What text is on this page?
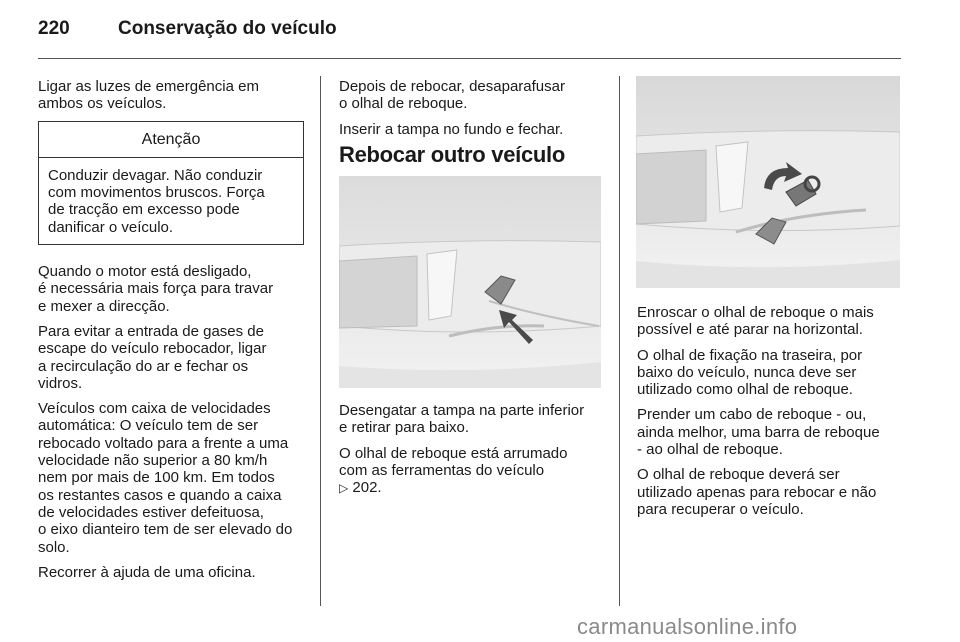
220	Conservação do veículo

Ligar as luzes de emergência em
ambos os veículos.

Atenção
Conduzir devagar. Não conduzir
com movimentos bruscos. Força
de tracção em excesso pode
danificar o veículo.

Quando o motor está desligado,
é necessária mais força para travar
e mexer a direcção.

Para evitar a entrada de gases de
escape do veículo rebocador, ligar
a recirculação do ar e fechar os
vidros.

Veículos com caixa de velocidades
automática: O veículo tem de ser
rebocado voltado para a frente a uma
velocidade não superior a 80 km/h
nem por mais de 100 km. Em todos
os restantes casos e quando a caixa
de velocidades estiver defeituosa,
o eixo dianteiro tem de ser elevado do
solo.

Recorrer à ajuda de uma oficina.

Depois de rebocar, desaparafusar
o olhal de reboque.

Inserir a tampa no fundo e fechar.

Rebocar outro veículo

Desengatar a tampa na parte inferior
e retirar para baixo.

O olhal de reboque está arrumado
com as ferramentas do veículo
▷ 202.

Enroscar o olhal de reboque o mais
possível e até parar na horizontal.

O olhal de fixação na traseira, por
baixo do veículo, nunca deve ser
utilizado como olhal de reboque.

Prender um cabo de reboque - ou,
ainda melhor, uma barra de reboque
- ao olhal de reboque.

O olhal de reboque deverá ser
utilizado apenas para rebocar e não
para recuperar o veículo.

carmanualsonline.info
